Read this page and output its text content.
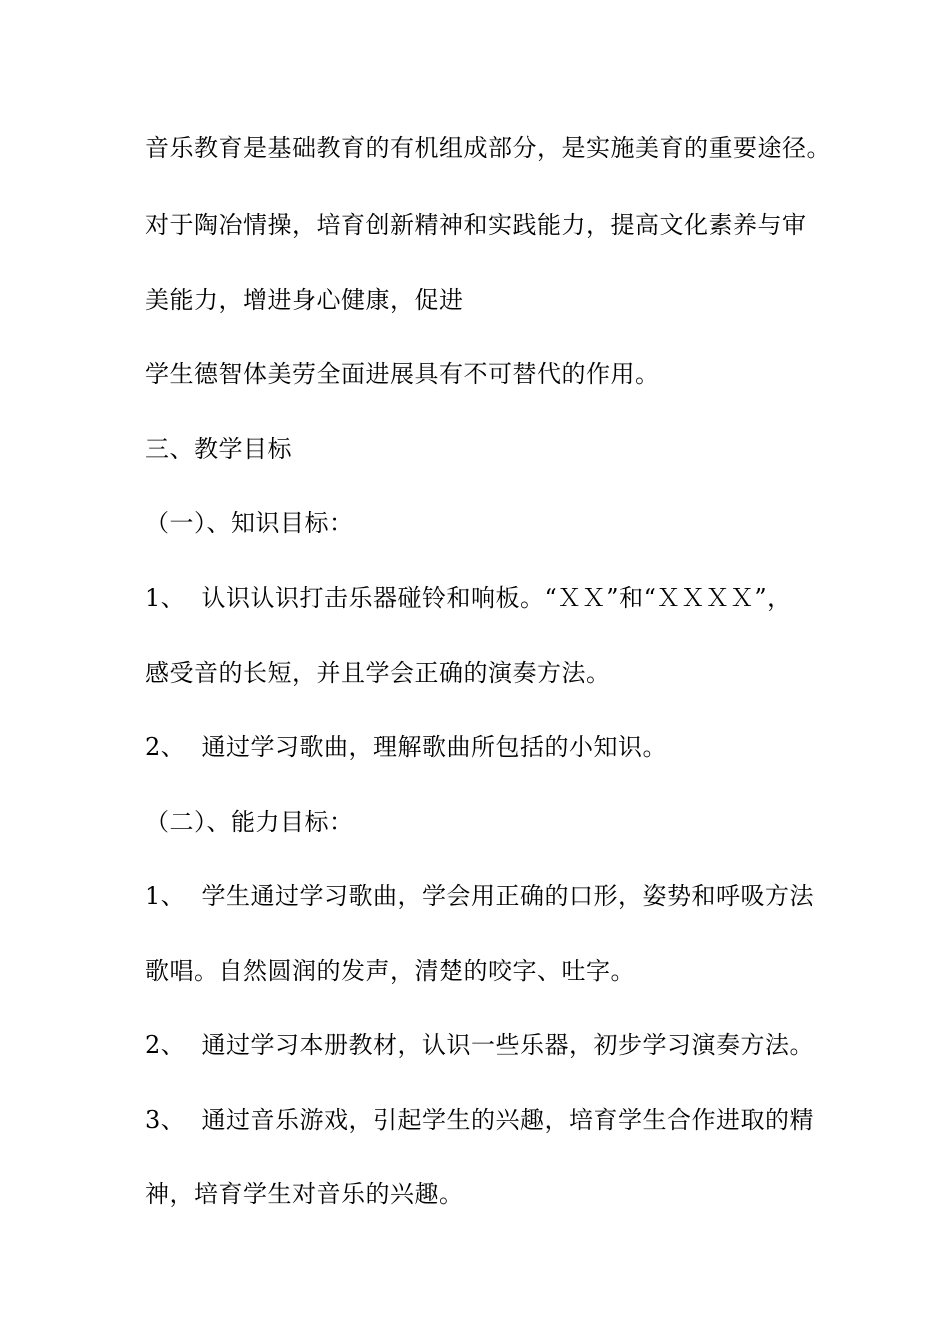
音乐教育是基础教育的有机组成部分，是实施美育的重要途径。
对于陶冶情操，培育创新精神和实践能力，提高文化素养与审
美能力，增进身心健康，促进
学生德智体美劳全面进展具有不可替代的作用。
三、教学目标
（一）、知识目标：
1、  认识认识打击乐器碰铃和响板。“ＸＸ”和“ＸＸＸＸ”，
感受音的长短，并且学会正确的演奏方法。
2、  通过学习歌曲，理解歌曲所包括的小知识。
（二）、能力目标：
1、  学生通过学习歌曲，学会用正确的口形，姿势和呼吸方法
歌唱。自然圆润的发声，清楚的咬字、吐字。
2、  通过学习本册教材，认识一些乐器，初步学习演奏方法。
3、  通过音乐游戏，引起学生的兴趣，培育学生合作进取的精
神，培育学生对音乐的兴趣。
